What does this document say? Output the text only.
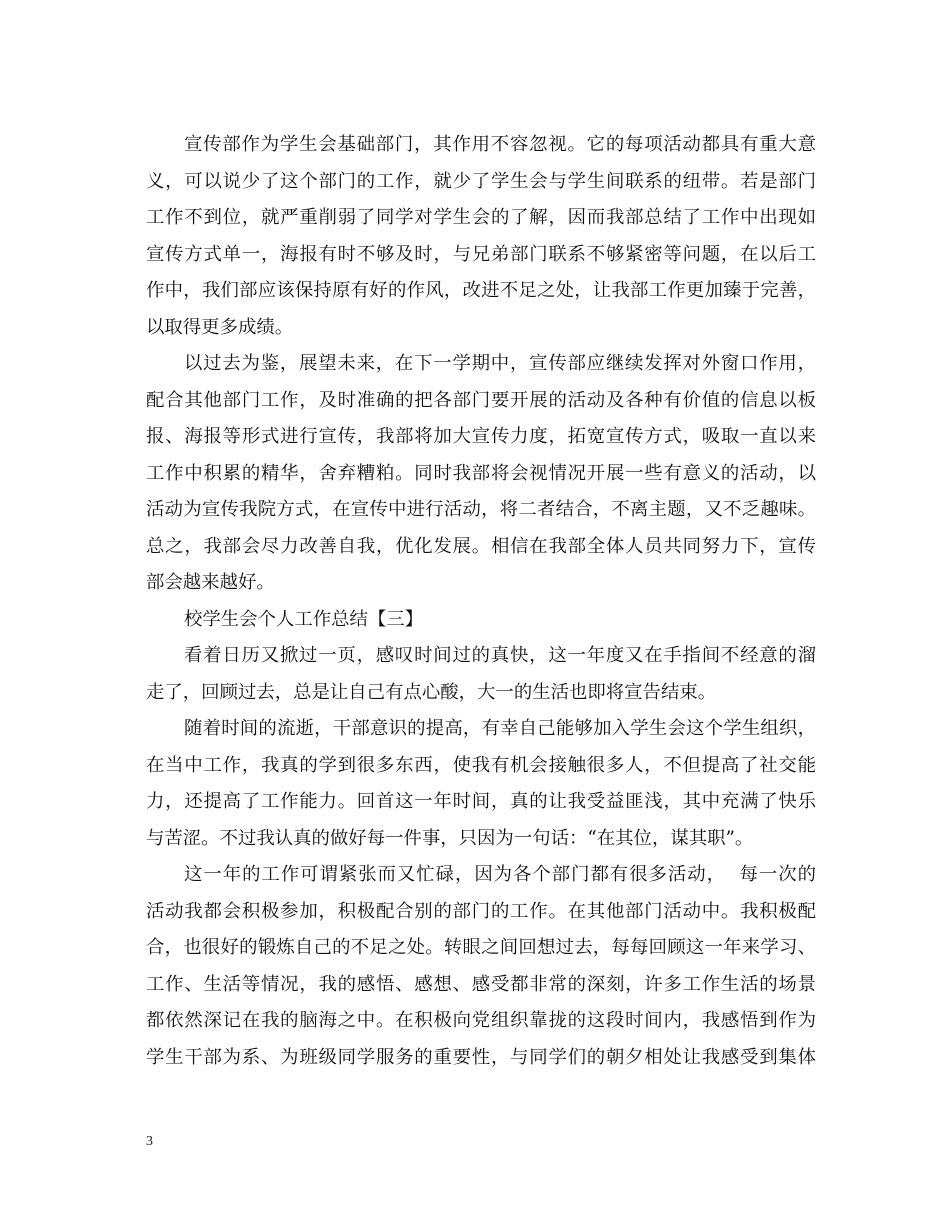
宣传部作为学生会基础部门，其作用不容忽视。它的每项活动都具有重大意
义，可以说少了这个部门的工作，就少了学生会与学生间联系的纽带。若是部门
工作不到位，就严重削弱了同学对学生会的了解，因而我部总结了工作中出现如
宣传方式单一，海报有时不够及时，与兄弟部门联系不够紧密等问题，在以后工
作中，我们部应该保持原有好的作风，改进不足之处，让我部工作更加臻于完善，
以取得更多成绩。
以过去为鉴，展望未来，在下一学期中，宣传部应继续发挥对外窗口作用，
配合其他部门工作，及时准确的把各部门要开展的活动及各种有价值的信息以板
报、海报等形式进行宣传，我部将加大宣传力度，拓宽宣传方式，吸取一直以来
工作中积累的精华，舍弃糟粕。同时我部将会视情况开展一些有意义的活动，以
活动为宣传我院方式，在宣传中进行活动，将二者结合，不离主题，又不乏趣味。
总之，我部会尽力改善自我，优化发展。相信在我部全体人员共同努力下，宣传
部会越来越好。
校学生会个人工作总结【三】
看着日历又掀过一页，感叹时间过的真快，这一年度又在手指间不经意的溜
走了，回顾过去，总是让自己有点心酸，大一的生活也即将宣告结束。
随着时间的流逝，干部意识的提高，有幸自己能够加入学生会这个学生组织，
在当中工作，我真的学到很多东西，使我有机会接触很多人，不但提高了社交能
力，还提高了工作能力。回首这一年时间，真的让我受益匪浅，其中充满了快乐
与苦涩。不过我认真的做好每一件事，只因为一句话：“在其位，谋其职”。
这一年的工作可谓紧张而又忙碌，因为各个部门都有很多活动，  每一次的
活动我都会积极参加，积极配合别的部门的工作。在其他部门活动中。我积极配
合，也很好的锻炼自己的不足之处。转眼之间回想过去，每每回顾这一年来学习、
工作、生活等情况，我的感悟、感想、感受都非常的深刻，许多工作生活的场景
都依然深记在我的脑海之中。在积极向党组织靠拢的这段时间内，我感悟到作为
学生干部为系、为班级同学服务的重要性，与同学们的朝夕相处让我感受到集体
3
